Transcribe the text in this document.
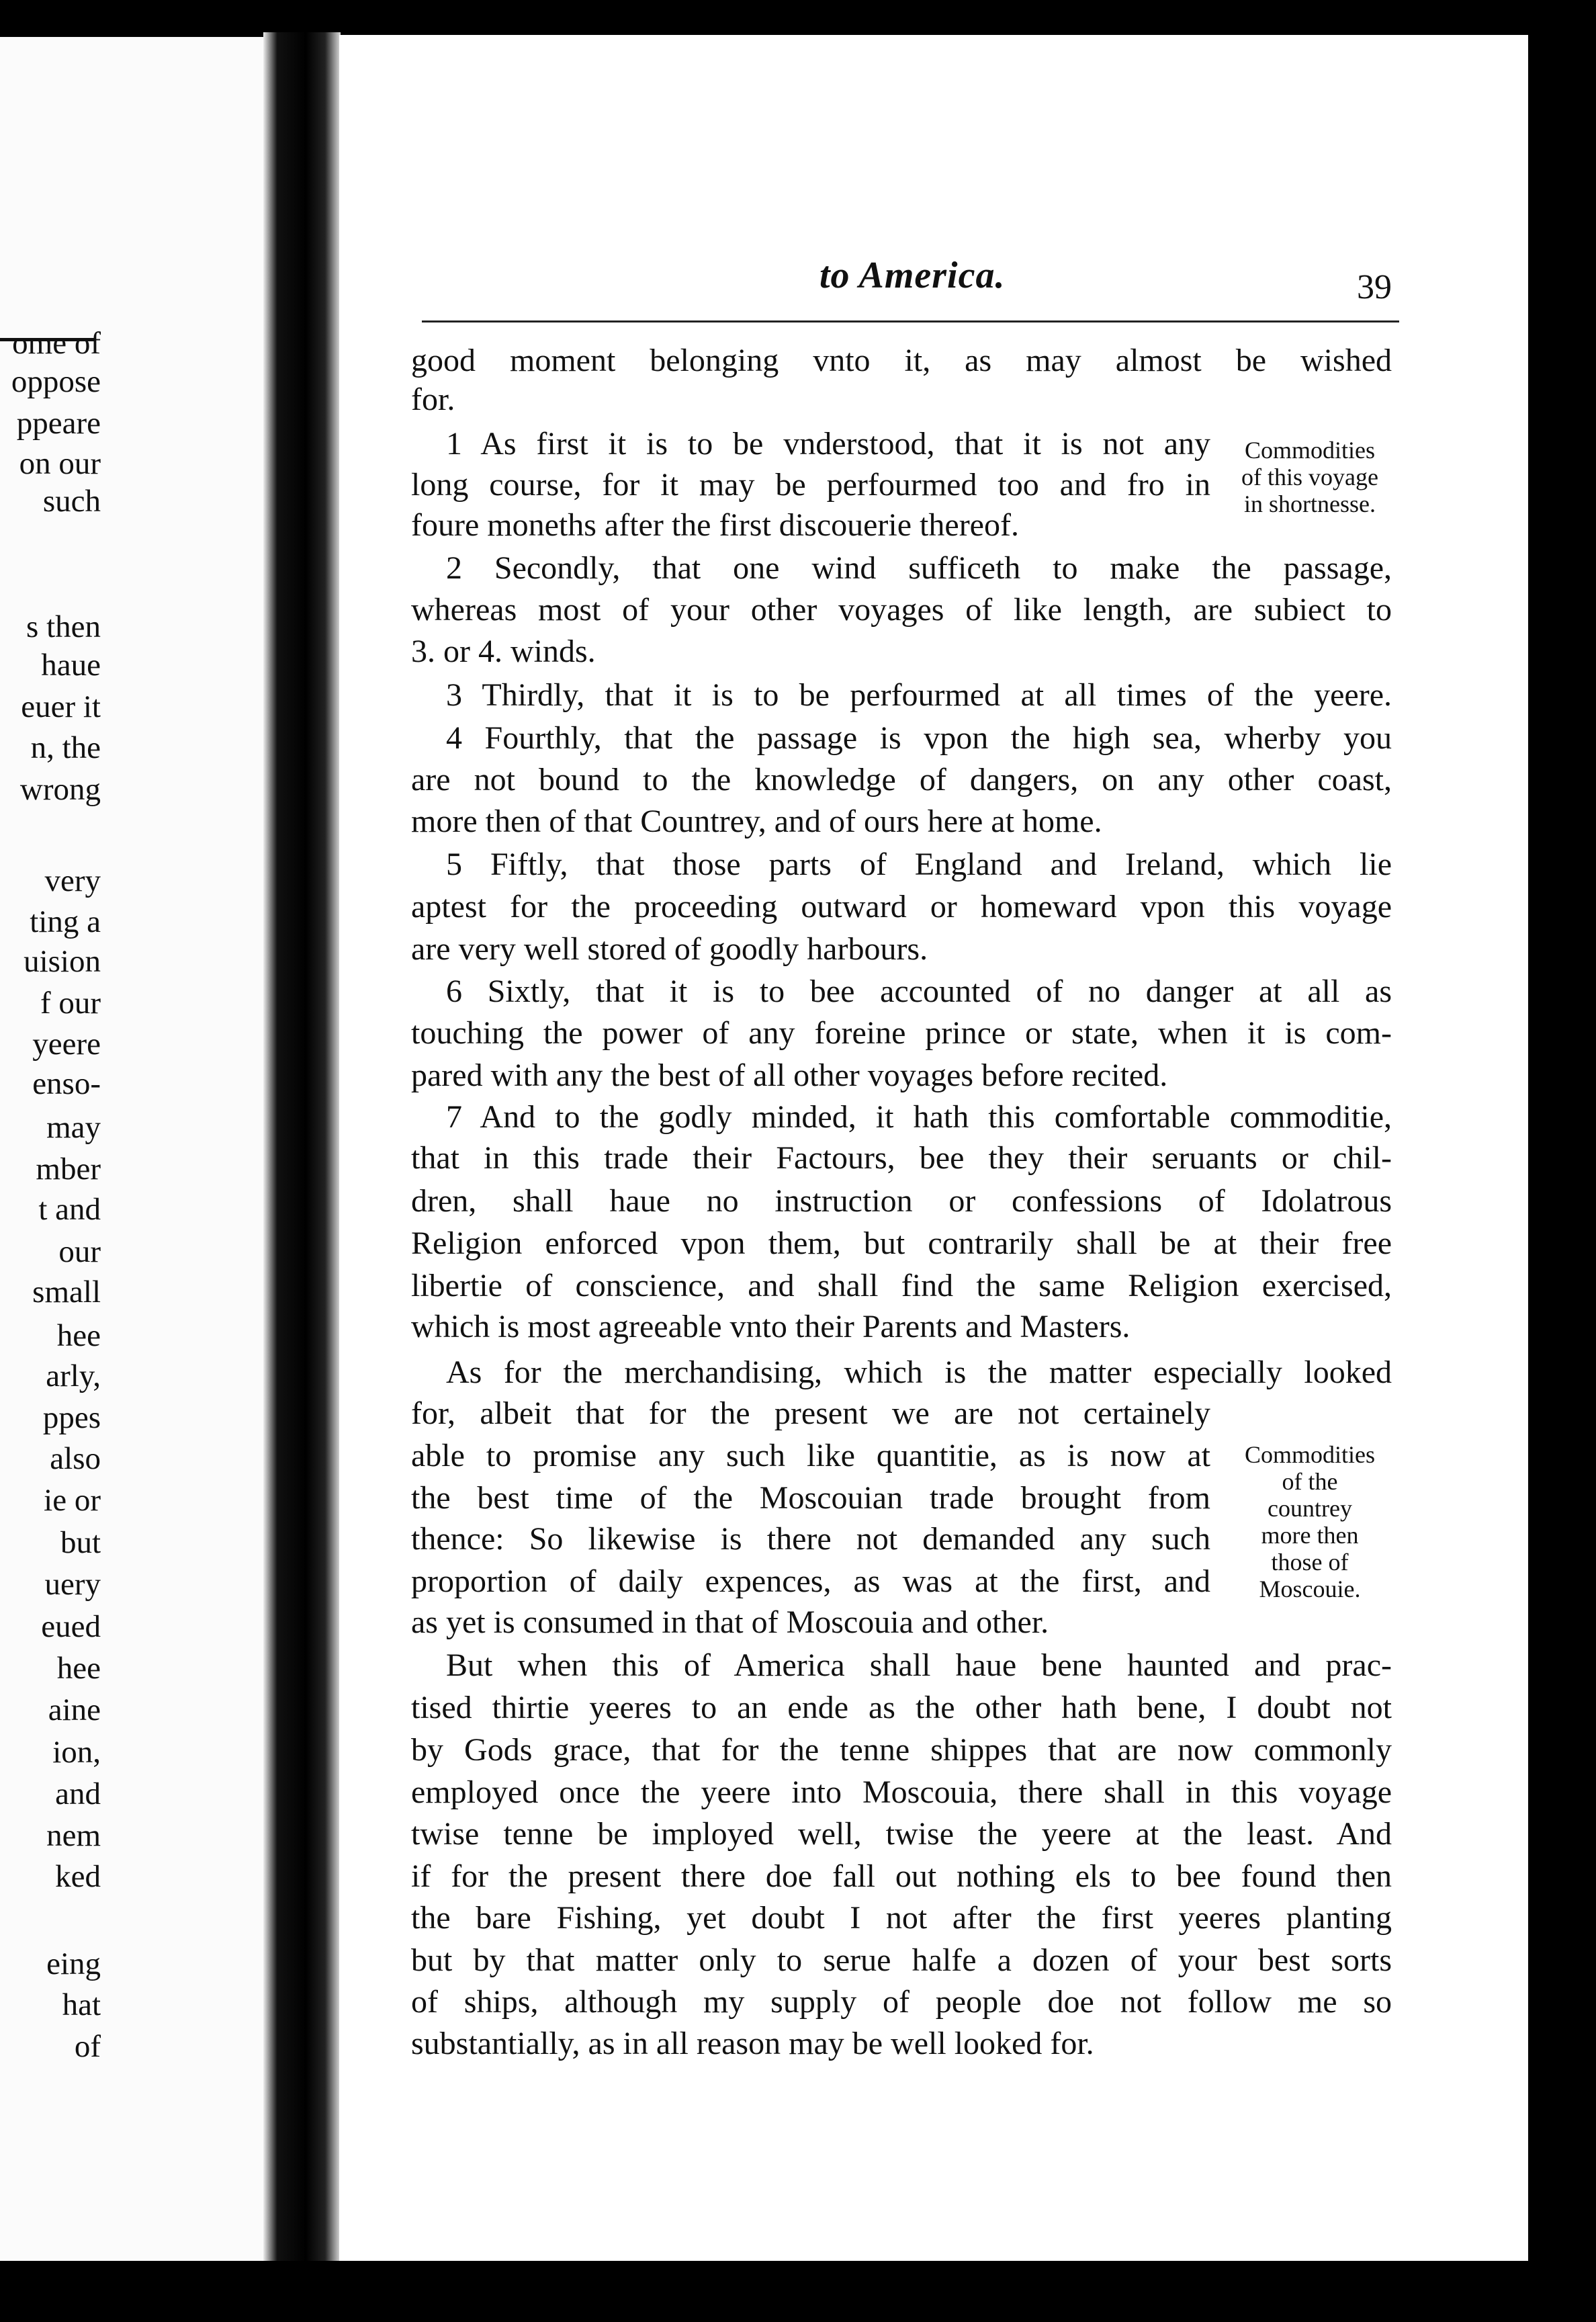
ome of
oppose
ppeare
on our
such
s then
haue
euer it
n, the
wrong
very
ting a
uision
f our
yeere
enso-
may
mber
t and
our
small
hee
arly,
ppes
also
ie or
but
uery
eued
hee
aine
ion,
and
nem
ked
eing
hat
of
to America.	39
good moment belonging vnto it, as may almost be wished
for.
1 As first it is to be vnderstood, that it is not any
long course, for it may be perfourmed too and fro in
foure moneths after the first discouerie thereof.
2 Secondly, that one wind sufficeth to make the passage,
whereas most of your other voyages of like length, are subiect to
3. or 4. winds.
3 Thirdly, that it is to be perfourmed at all times of the yeere.
4 Fourthly, that the passage is vpon the high sea, wherby you
are not bound to the knowledge of dangers, on any other coast,
more then of that Countrey, and of ours here at home.
5 Fiftly, that those parts of England and Ireland, which lie
aptest for the proceeding outward or homeward vpon this voyage
are very well stored of goodly harbours.
6 Sixtly, that it is to bee accounted of no danger at all as
touching the power of any foreine prince or state, when it is com-
pared with any the best of all other voyages before recited.
7 And to the godly minded, it hath this comfortable commoditie,
that in this trade their Factours, bee they their seruants or chil-
dren, shall haue no instruction or confessions of Idolatrous
Religion enforced vpon them, but contrarily shall be at their free
libertie of conscience, and shall find the same Religion exercised,
which is most agreeable vnto their Parents and Masters.
As for the merchandising, which is the matter especially looked
for, albeit that for the present we are not certainely
able to promise any such like quantitie, as is now at
the best time of the Moscouian trade brought from
thence: So likewise is there not demanded any such
proportion of daily expences, as was at the first, and
as yet is consumed in that of Moscouia and other.
But when this of America shall haue bene haunted and prac-
tised thirtie yeeres to an ende as the other hath bene, I doubt not
by Gods grace, that for the tenne shippes that are now commonly
employed once the yeere into Moscouia, there shall in this voyage
twise tenne be imployed well, twise the yeere at the least. And
if for the present there doe fall out nothing els to bee found then
the bare Fishing, yet doubt I not after the first yeeres planting
but by that matter only to serue halfe a dozen of your best sorts
of ships, although my supply of people doe not follow me so
substantially, as in all reason may be well looked for.
Commodities
of this voyage
in shortnesse.
Commodities
of the
countrey
more then
those of
Moscouie.
